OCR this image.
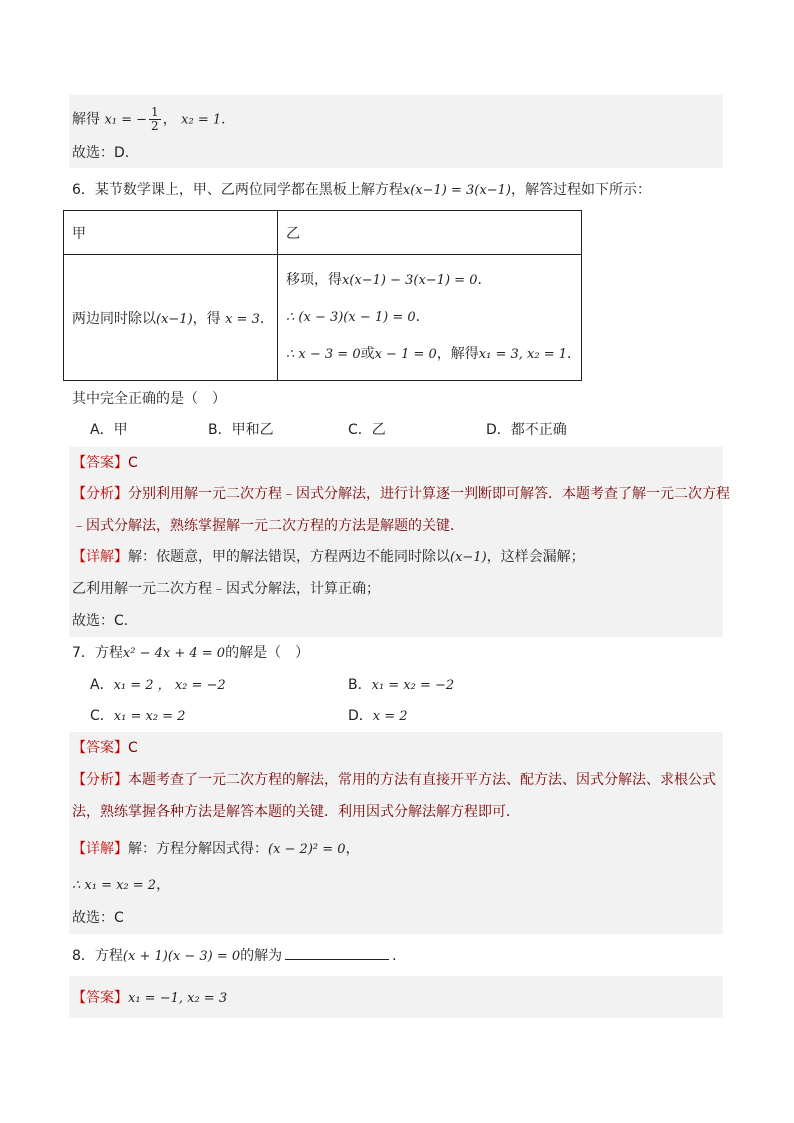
解得 x₁ = − $\frac{1}{2}$ ， x₂ = 1．
故选：D.
6．某节数学课上，甲、乙两位同学都在黑板上解方程x(x−1) = 3(x−1)，解答过程如下所示：
甲	乙

两边同时除以(x−1)，得 x = 3．	移项，得x(x−1) − 3(x−1) = 0．
∴ (x − 3)(x − 1) = 0．
∴ x − 3 = 0或x − 1 = 0，解得x₁ = 3, x₂ = 1．
其中完全正确的是（　）
A．甲	B．甲和乙	C．乙	D．都不正确
【答案】C
【分析】分别利用解一元二次方程﹣因式分解法，进行计算逐一判断即可解答．本题考查了解一元二次方程
﹣因式分解法，熟练掌握解一元二次方程的方法是解题的关键．
【详解】解：依题意，甲的解法错误，方程两边不能同时除以(x−1)，这样会漏解；
乙利用解一元二次方程﹣因式分解法，计算正确；
故选：C.
7．方程x² − 4x + 4 = 0的解是（　）
A．x₁ = 2 ， x₂ = −2	B．x₁ = x₂ = −2
C．x₁ = x₂ = 2	D．x = 2
【答案】C
【分析】本题考查了一元二次方程的解法，常用的方法有直接开平方法、配方法、因式分解法、求根公式
法，熟练掌握各种方法是解答本题的关键．利用因式分解法解方程即可．
【详解】解：方程分解因式得：(x − 2)² = 0，
∴ x₁ = x₂ = 2，
故选：C
8．方程(x + 1)(x − 3) = 0的解为	．
【答案】x₁ = −1, x₂ = 3
